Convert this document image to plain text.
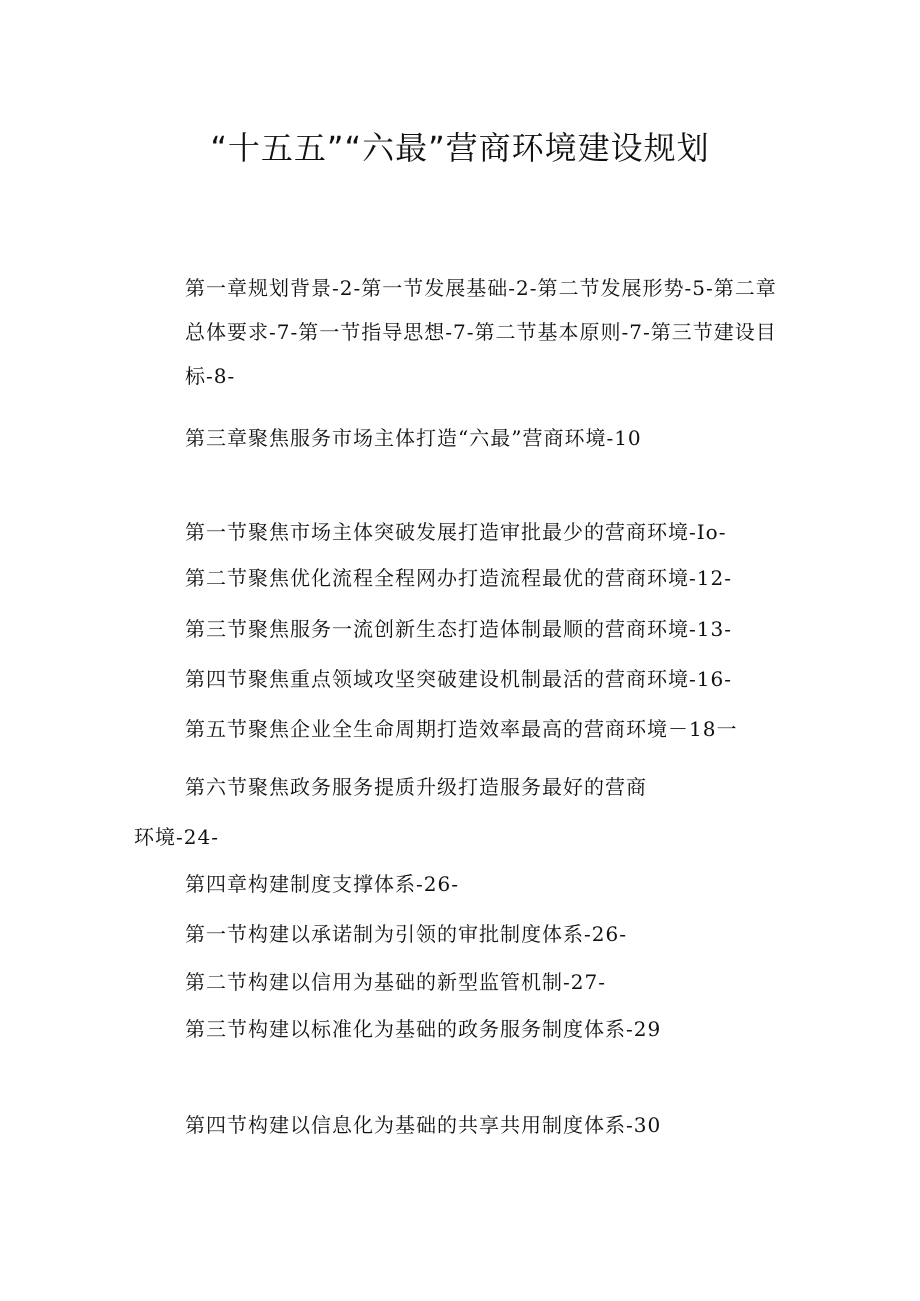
“十五五”“六最”营商环境建设规划

第一章规划背景-2-第一节发展基础-2-第二节发展形势-5-第二章总体要求-7-第一节指导思想-7-第二节基本原则-7-第三节建设目标-8-

第三章聚焦服务市场主体打造“六最”营商环境-10
第一节聚焦市场主体突破发展打造审批最少的营商环境-Io-
第二节聚焦优化流程全程网办打造流程最优的营商环境-12-
第三节聚焦服务一流创新生态打造体制最顺的营商环境-13-
第四节聚焦重点领域攻坚突破建设机制最活的营商环境-16-
第五节聚焦企业全生命周期打造效率最高的营商环境－18一
第六节聚焦政务服务提质升级打造服务最好的营商
环境-24-
第四章构建制度支撑体系-26-
第一节构建以承诺制为引领的审批制度体系-26-
第二节构建以信用为基础的新型监管机制-27-
第三节构建以标准化为基础的政务服务制度体系-29
第四节构建以信息化为基础的共享共用制度体系-30
